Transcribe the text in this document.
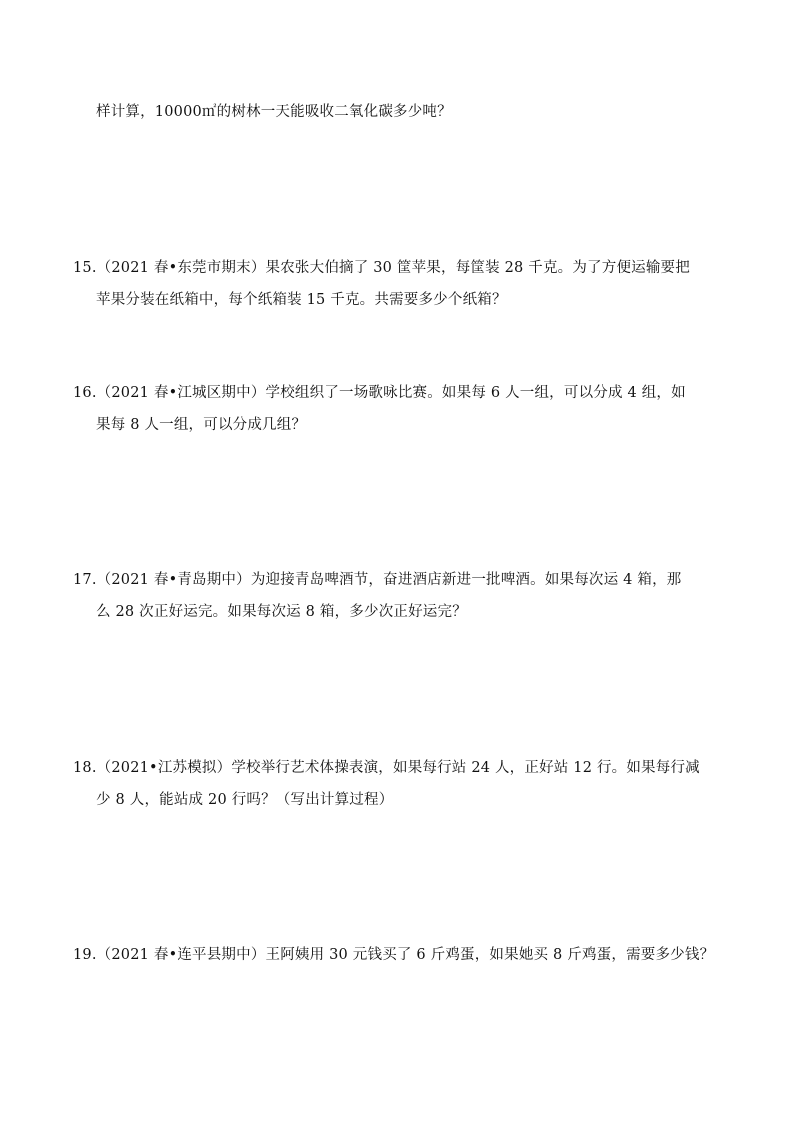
样计算，10000㎡的树林一天能吸收二氧化碳多少吨？
15.（2021 春•东莞市期末）果农张大伯摘了 30 筐苹果，每筐装 28 千克。为了方便运输要把
苹果分装在纸箱中，每个纸箱装 15 千克。共需要多少个纸箱？
16.（2021 春•江城区期中）学校组织了一场歌咏比赛。如果每 6 人一组，可以分成 4 组，如
果每 8 人一组，可以分成几组？
17.（2021 春•青岛期中）为迎接青岛啤酒节，奋进酒店新进一批啤酒。如果每次运 4 箱，那
么 28 次正好运完。如果每次运 8 箱，多少次正好运完？
18.（2021•江苏模拟）学校举行艺术体操表演，如果每行站 24 人，正好站 12 行。如果每行减
少 8 人，能站成 20 行吗？（写出计算过程）
19.（2021 春•连平县期中）王阿姨用 30 元钱买了 6 斤鸡蛋，如果她买 8 斤鸡蛋，需要多少钱？
